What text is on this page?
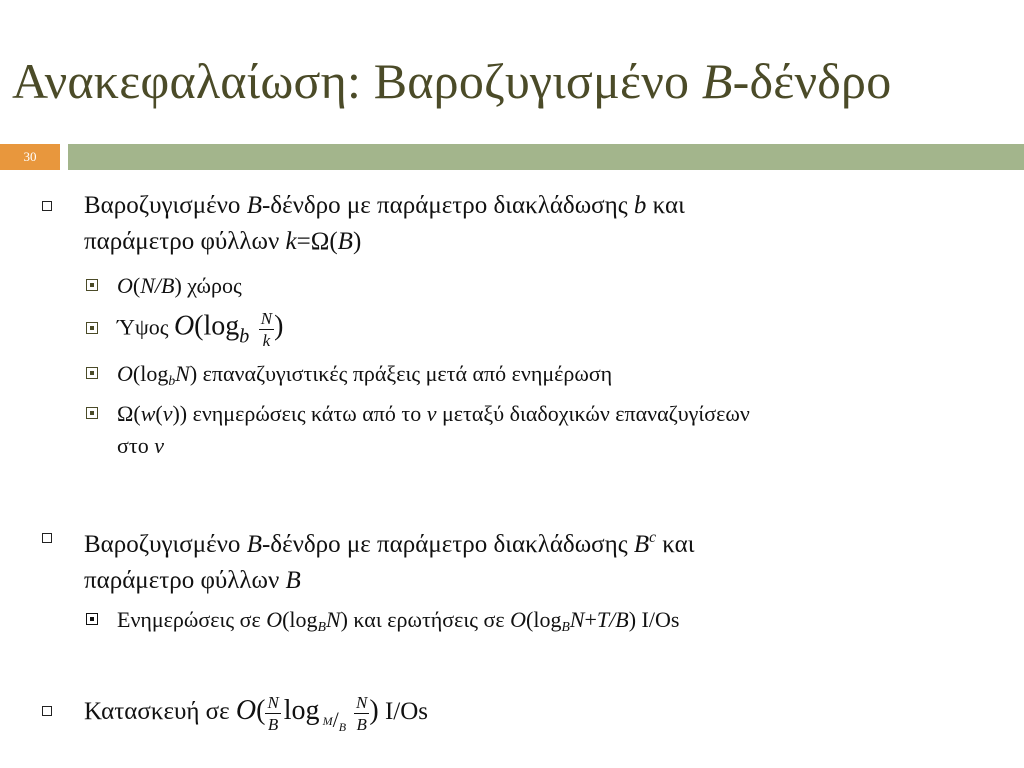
Ανακεφαλαίωση: Βαροζυγισμένο B-δένδρο
30
Βαροζυγισμένο B-δένδρο με παράμετρο διακλάδωσης b και
παράμετρο φύλλων k=Ω(B)
O(N/B) χώρος
Ύψος $O(\log_b \frac{N}{k}$ )
$O(\log_bN)$ επαναζυγιστικές πράξεις μετά από ενημέρωση
Ω(w(v)) ενημερώσεις κάτω από το v μεταξύ διαδοχικών επαναζυγίσεων
στο v
Βαροζυγισμένο B-δένδρο με παράμετρο διακλάδωσης $B^c$ και
παράμετρο φύλλων B
Ενημερώσεις σε $O(\log_BN)$ και ερωτήσεις σε $O(\log_BN+T/B)$ I/Os
Κατασκευή σε $O( \frac{N}{B}$ $\log _M/_B \frac{N}{B}$ ) I/Os
